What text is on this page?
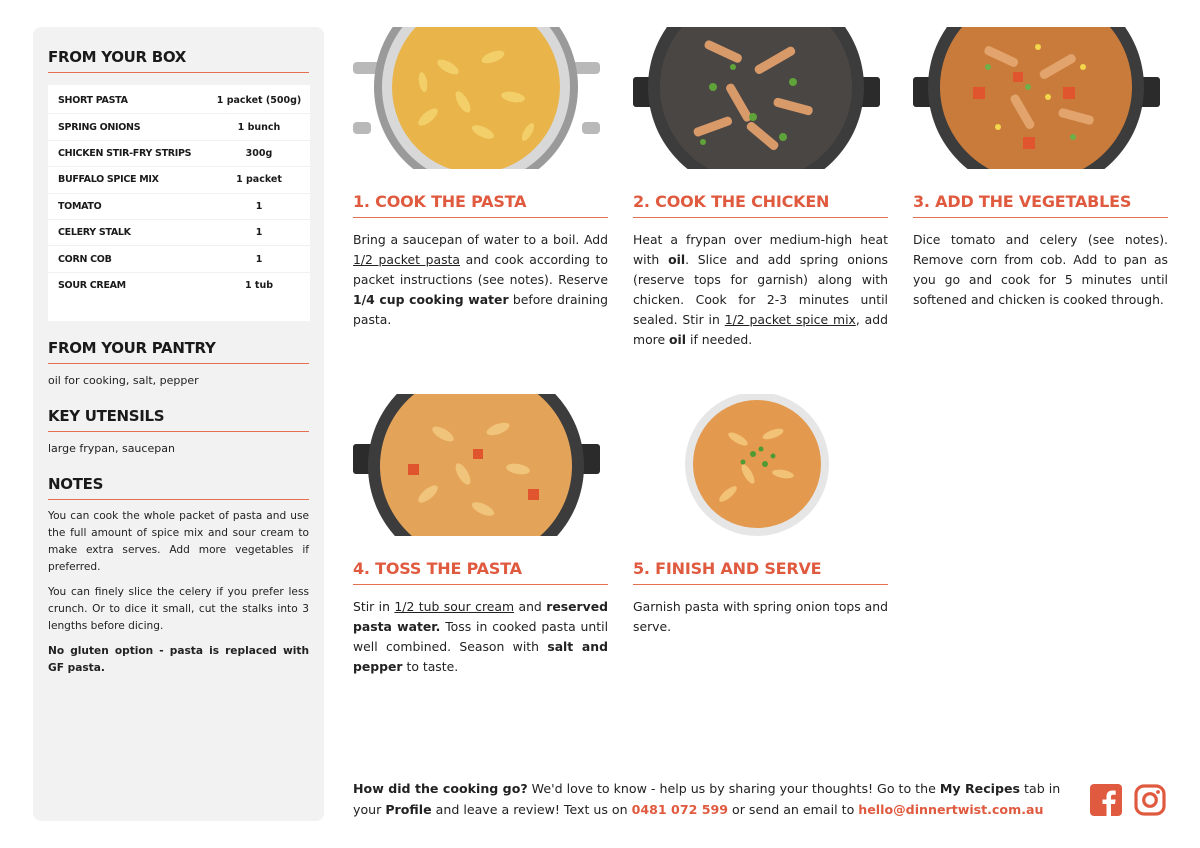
FROM YOUR BOX
SHORT PASTA	1 packet (500g)
SPRING ONIONS	1 bunch
CHICKEN STIR-FRY STRIPS	300g
BUFFALO SPICE MIX	1 packet
TOMATO	1
CELERY STALK	1
CORN COB	1
SOUR CREAM	1 tub
FROM YOUR PANTRY

oil for cooking, salt, pepper

KEY UTENSILS

large frypan, saucepan

NOTES

You can cook the whole packet of pasta and use the full amount of spice mix and sour cream to make extra serves. Add more vegetables if preferred.

You can finely slice the celery if you prefer less crunch. Or to dice it small, cut the stalks into 3 lengths before dicing.

No gluten option - pasta is replaced with GF pasta.

1. COOK THE PASTA

Bring a saucepan of water to a boil. Add 1/2 packet pasta and cook according to packet instructions (see notes). Reserve 1/4 cup cooking water before draining pasta.

2. COOK THE CHICKEN

Heat a frypan over medium-high heat with oil. Slice and add spring onions (reserve tops for garnish) along with chicken. Cook for 2-3 minutes until sealed. Stir in 1/2 packet spice mix, add more oil if needed.

3. ADD THE VEGETABLES

Dice tomato and celery (see notes). Remove corn from cob. Add to pan as you go and cook for 5 minutes until softened and chicken is cooked through.

4. TOSS THE PASTA

Stir in 1/2 tub sour cream and reserved pasta water. Toss in cooked pasta until well combined. Season with salt and pepper to taste.

5. FINISH AND SERVE

Garnish pasta with spring onion tops and serve.

How did the cooking go? We'd love to know - help us by sharing your thoughts! Go to the My Recipes tab in your Profile and leave a review! Text us on 0481 072 599 or send an email to hello@dinnertwist.com.au
